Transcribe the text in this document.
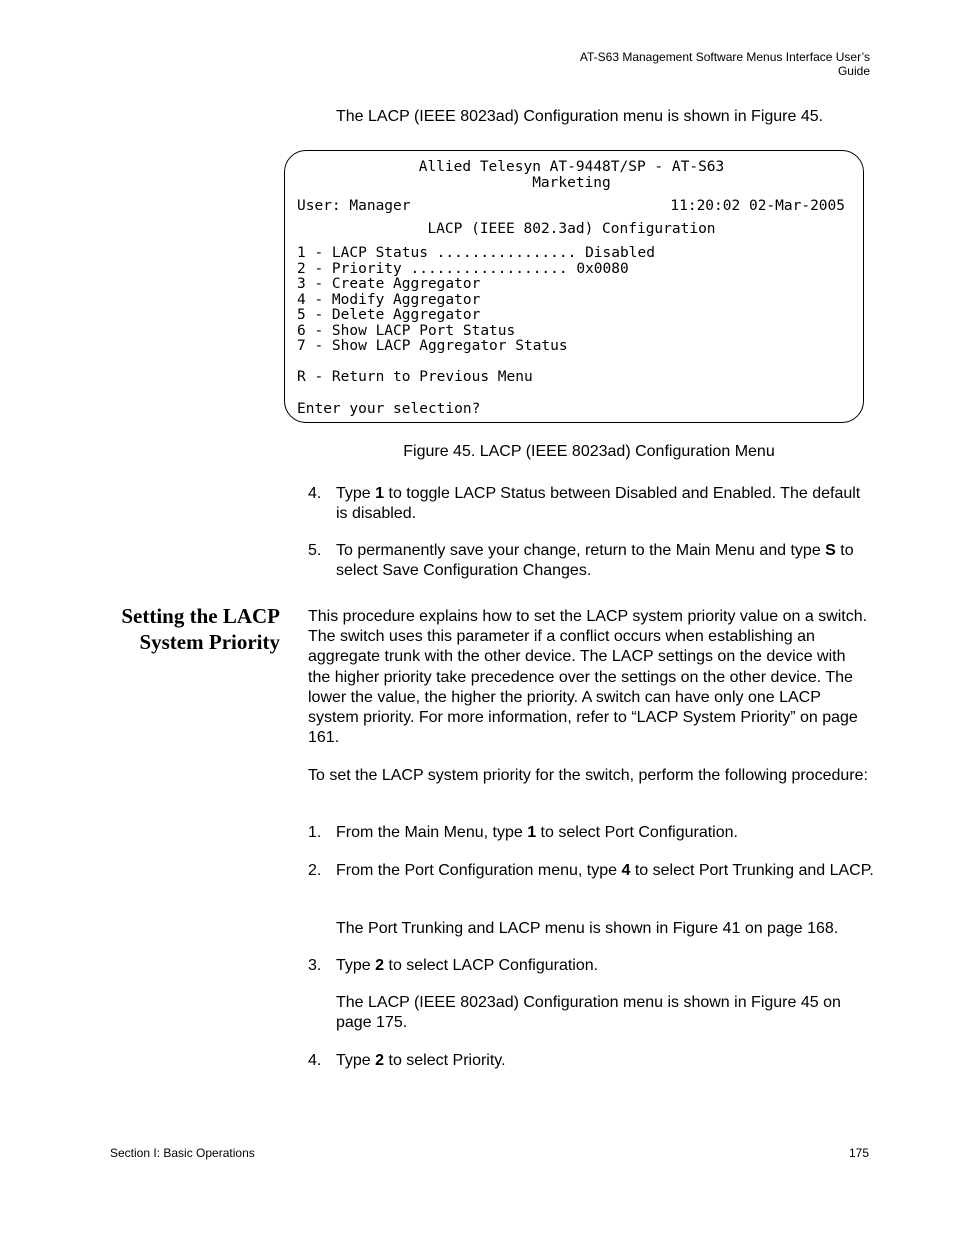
AT-S63 Management Software Menus Interface User’s Guide
The LACP (IEEE 8023ad) Configuration menu is shown in Figure 45.
Allied Telesyn AT-9448T/SP - AT-S63
Marketing
User: Manager	11:20:02 02-Mar-2005
LACP (IEEE 802.3ad) Configuration
1 - LACP Status ................ Disabled
2 - Priority .................. 0x0080
3 - Create Aggregator
4 - Modify Aggregator
5 - Delete Aggregator
6 - Show LACP Port Status
7 - Show LACP Aggregator Status
R - Return to Previous Menu
Enter your selection?
Figure 45. LACP (IEEE 8023ad) Configuration Menu
4. Type 1 to toggle LACP Status between Disabled and Enabled. The default is disabled.
5. To permanently save your change, return to the Main Menu and type S to select Save Configuration Changes.
Setting the LACP
System Priority

This procedure explains how to set the LACP system priority value on a switch. The switch uses this parameter if a conflict occurs when establishing an aggregate trunk with the other device. The LACP settings on the device with the higher priority take precedence over the settings on the other device. The lower the value, the higher the priority. A switch can have only one LACP system priority. For more information, refer to “LACP System Priority” on page 161.

To set the LACP system priority for the switch, perform the following procedure:

1. From the Main Menu, type 1 to select Port Configuration.
2. From the Port Configuration menu, type 4 to select Port Trunking and LACP.
The Port Trunking and LACP menu is shown in Figure 41 on page 168.
3. Type 2 to select LACP Configuration.
The LACP (IEEE 8023ad) Configuration menu is shown in Figure 45 on page 175.
4. Type 2 to select Priority.
Section I: Basic Operations	175
